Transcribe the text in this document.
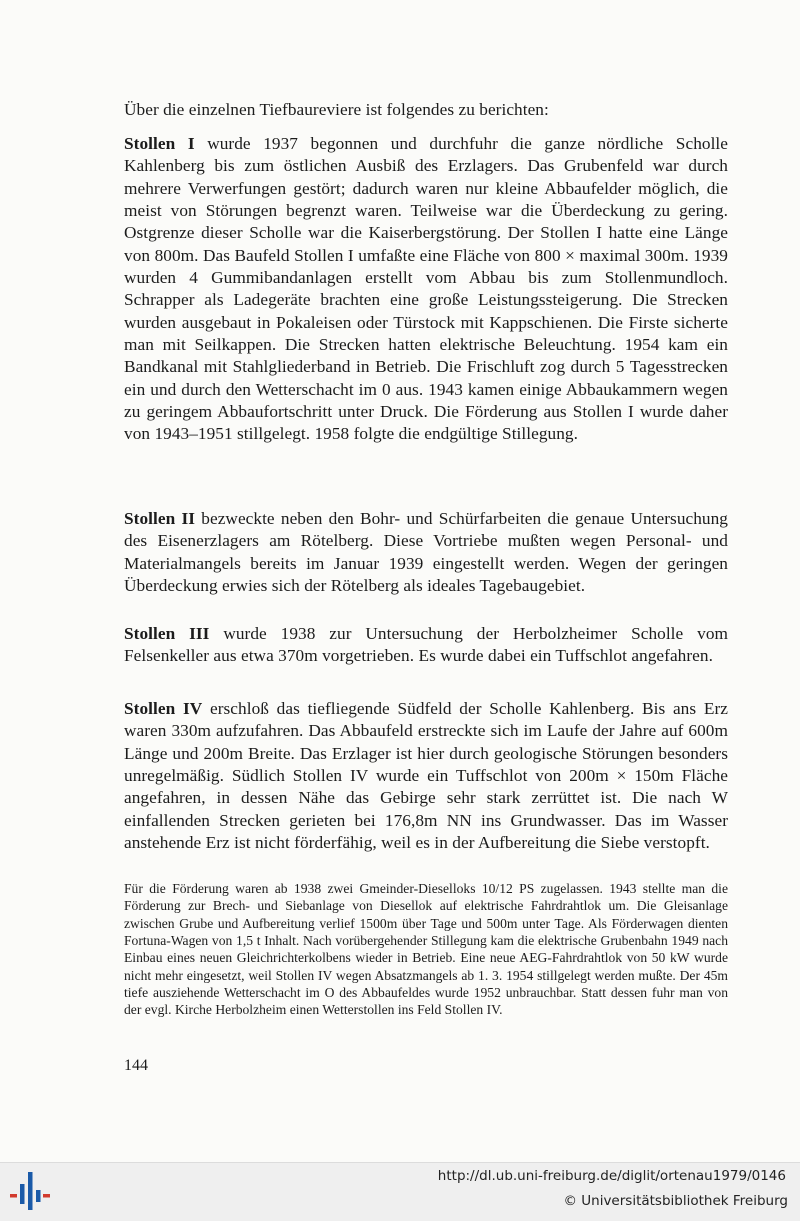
Über die einzelnen Tiefbaureviere ist folgendes zu berichten:

Stollen I wurde 1937 begonnen und durchfuhr die ganze nördliche Scholle Kahlenberg bis zum östlichen Ausbiß des Erzlagers. Das Grubenfeld war durch mehrere Verwerfungen gestört; dadurch waren nur kleine Abbaufelder möglich, die meist von Störungen begrenzt waren. Teilweise war die Überdeckung zu gering. Ostgrenze dieser Scholle war die Kaiserbergstörung. Der Stollen I hatte eine Länge von 800m. Das Baufeld Stollen I umfaßte eine Fläche von 800 × maximal 300m. 1939 wurden 4 Gummibandanlagen erstellt vom Abbau bis zum Stollenmundloch. Schrapper als Ladegeräte brachten eine große Leistungssteigerung. Die Strecken wurden ausgebaut in Pokaleisen oder Türstock mit Kappschienen. Die Firste sicherte man mit Seilkappen. Die Strecken hatten elektrische Beleuchtung. 1954 kam ein Bandkanal mit Stahlgliederband in Betrieb. Die Frischluft zog durch 5 Tagesstrecken ein und durch den Wetterschacht im 0 aus. 1943 kamen einige Abbaukammern wegen zu geringem Abbaufortschritt unter Druck. Die Förderung aus Stollen I wurde daher von 1943–1951 stillgelegt. 1958 folgte die endgültige Stillegung.

Stollen II bezweckte neben den Bohr- und Schürfarbeiten die genaue Untersuchung des Eisenerzlagers am Rötelberg. Diese Vortriebe mußten wegen Personal- und Materialmangels bereits im Januar 1939 eingestellt werden. Wegen der geringen Überdeckung erwies sich der Rötelberg als ideales Tagebaugebiet.

Stollen III wurde 1938 zur Untersuchung der Herbolzheimer Scholle vom Felsenkeller aus etwa 370m vorgetrieben. Es wurde dabei ein Tuffschlot angefahren.

Stollen IV erschloß das tiefliegende Südfeld der Scholle Kahlenberg. Bis ans Erz waren 330m aufzufahren. Das Abbaufeld erstreckte sich im Laufe der Jahre auf 600m Länge und 200m Breite. Das Erzlager ist hier durch geologische Störungen besonders unregelmäßig. Südlich Stollen IV wurde ein Tuffschlot von 200m × 150m Fläche angefahren, in dessen Nähe das Gebirge sehr stark zerrüttet ist. Die nach W einfallenden Strecken gerieten bei 176,8m NN ins Grundwasser. Das im Wasser anstehende Erz ist nicht förderfähig, weil es in der Aufbereitung die Siebe verstopft.

Für die Förderung waren ab 1938 zwei Gmeinder-Dieselloks 10/12 PS zugelassen. 1943 stellte man die Förderung zur Brech- und Siebanlage von Diesellok auf elektrische Fahrdrahtlok um. Die Gleisanlage zwischen Grube und Aufbereitung verlief 1500m über Tage und 500m unter Tage. Als Förderwagen dienten Fortuna-Wagen von 1,5 t Inhalt. Nach vorübergehender Stillegung kam die elektrische Grubenbahn 1949 nach Einbau eines neuen Gleichrichterkolbens wieder in Betrieb. Eine neue AEG-Fahrdrahtlok von 50 kW wurde nicht mehr eingesetzt, weil Stollen IV wegen Absatzmangels ab 1. 3. 1954 stillgelegt werden mußte. Der 45m tiefe ausziehende Wetterschacht im O des Abbaufeldes wurde 1952 unbrauchbar. Statt dessen fuhr man von der evgl. Kirche Herbolzheim einen Wetterstollen ins Feld Stollen IV.
144
http://dl.ub.uni-freiburg.de/diglit/ortenau1979/0146
© Universitätsbibliothek Freiburg
